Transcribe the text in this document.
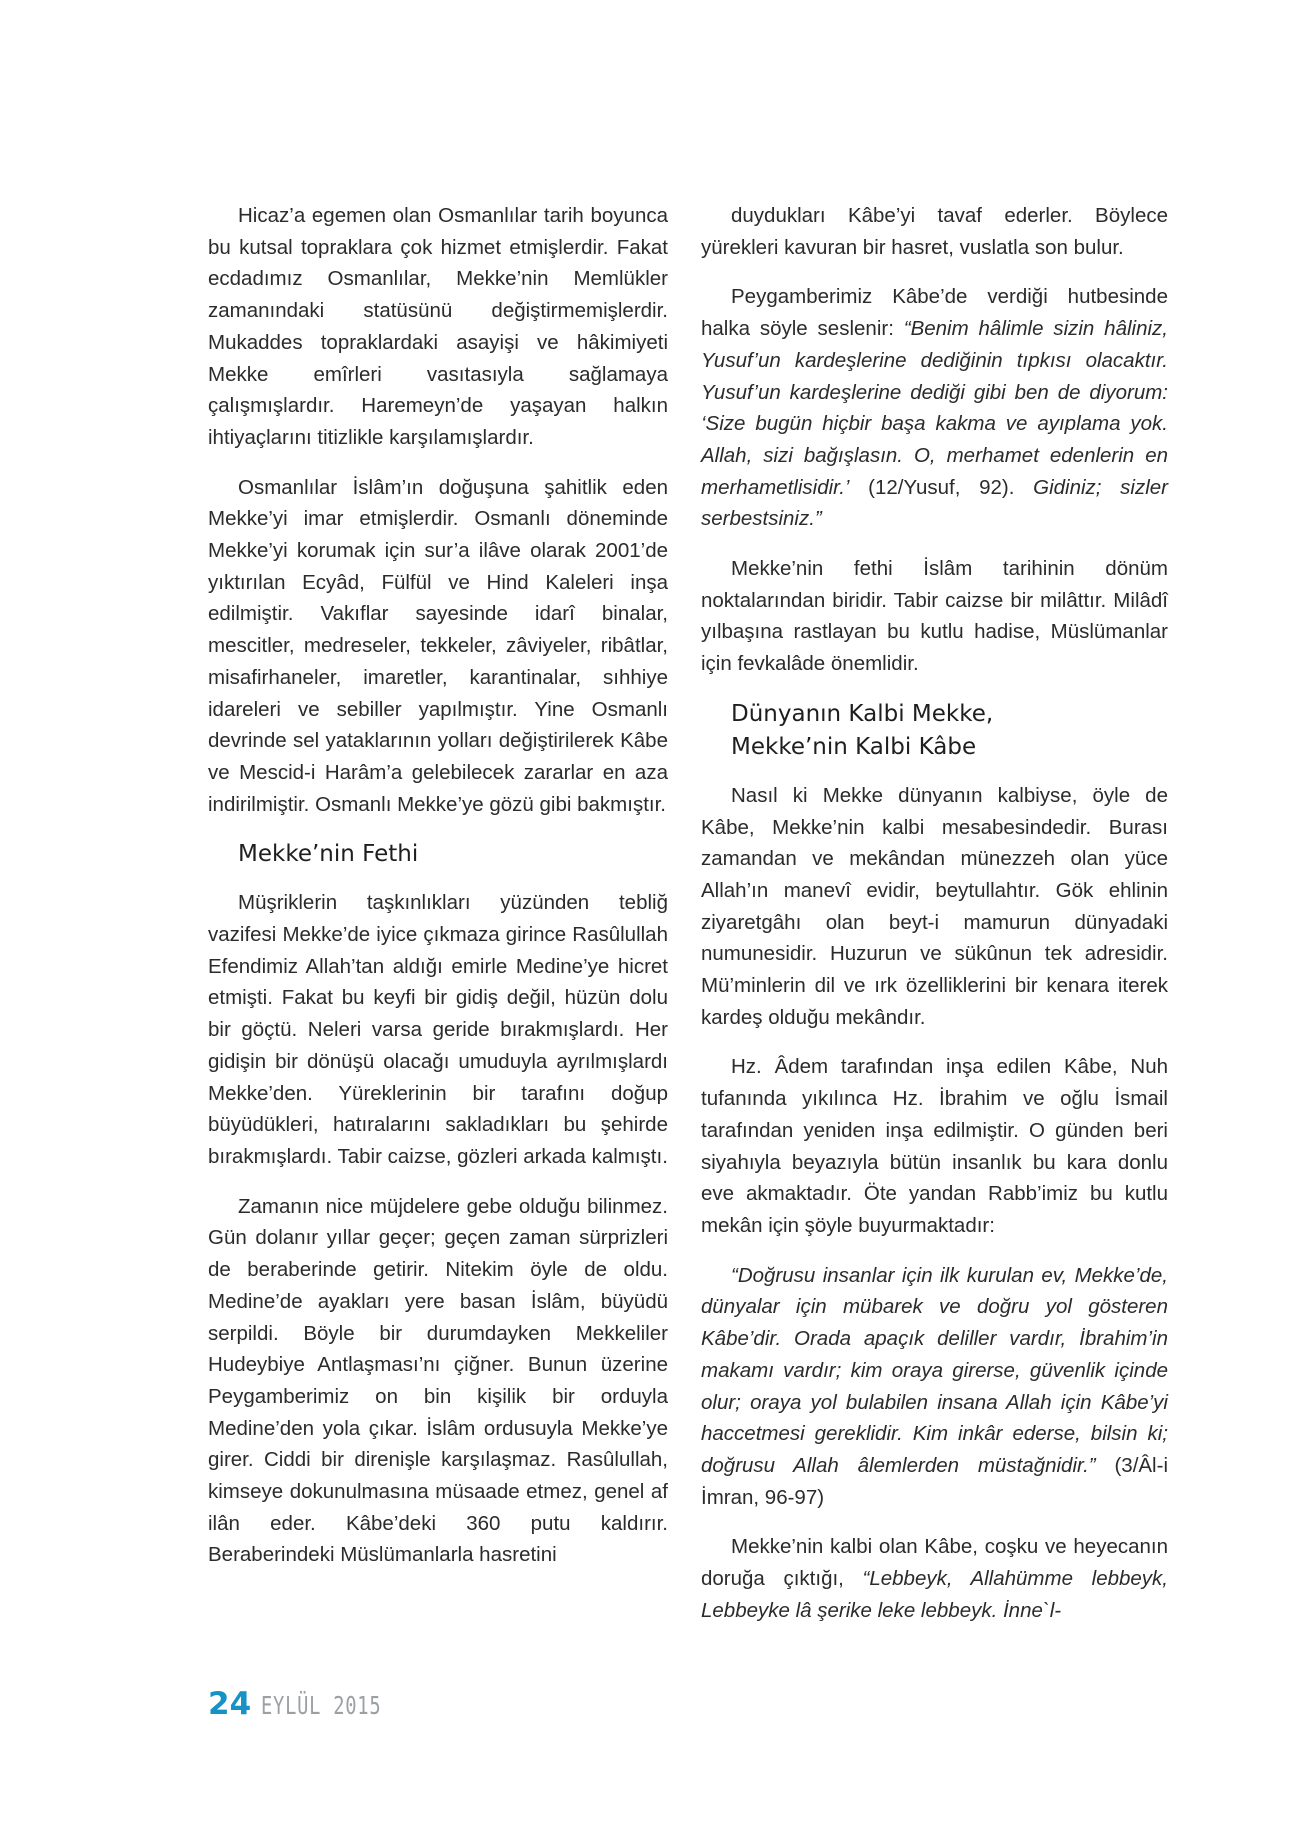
Hicaz’a egemen olan Osmanlılar tarih boyunca bu kutsal topraklara çok hizmet etmişlerdir. Fakat ecdadımız Osmanlılar, Mekke’nin Memlükler zamanındaki statüsünü değiştirmemişlerdir. Mukaddes topraklardaki asayişi ve hâkimiyeti Mekke emîrleri vasıtasıyla sağlamaya çalışmışlardır. Haremeyn’de yaşayan halkın ihtiyaçlarını titizlikle karşılamışlardır.

Osmanlılar İslâm’ın doğuşuna şahitlik eden Mekke’yi imar etmişlerdir. Osmanlı döneminde Mekke’yi korumak için sur’a ilâve olarak 2001’de yıktırılan Ecyâd, Fülfül ve Hind Kaleleri inşa edilmiştir. Vakıflar sayesinde idarî binalar, mescitler, medreseler, tekkeler, zâviyeler, ribâtlar, misafirhaneler, imaretler, karantinalar, sıhhiye idareleri ve sebiller yapılmıştır. Yine Osmanlı devrinde sel yataklarının yolları değiştirilerek Kâbe ve Mescid-i Harâm’a gelebilecek zararlar en aza indirilmiştir. Osmanlı Mekke’ye gözü gibi bakmıştır.

Mekke’nin Fethi

Müşriklerin taşkınlıkları yüzünden tebliğ vazifesi Mekke’de iyice çıkmaza girince Rasûlullah Efendimiz Allah’tan aldığı emirle Medine’ye hicret etmişti. Fakat bu keyfi bir gidiş değil, hüzün dolu bir göçtü. Neleri varsa geride bırakmışlardı. Her gidişin bir dönüşü olacağı umuduyla ayrılmışlardı Mekke’den. Yüreklerinin bir tarafını doğup büyüdükleri, hatıralarını sakladıkları bu şehirde bırakmışlardı. Tabir caizse, gözleri arkada kalmıştı.

Zamanın nice müjdelere gebe olduğu bilinmez. Gün dolanır yıllar geçer; geçen zaman sürprizleri de beraberinde getirir. Nitekim öyle de oldu. Medine’de ayakları yere basan İslâm, büyüdü serpildi. Böyle bir durumdayken Mekkeliler Hudeybiye Antlaşması’nı çiğner. Bunun üzerine Peygamberimiz on bin kişilik bir orduyla Medine’den yola çıkar. İslâm ordusuyla Mekke’ye girer. Ciddi bir direnişle karşılaşmaz. Rasûlullah, kimseye dokunulmasına müsaade etmez, genel af ilân eder. Kâbe’deki 360 putu kaldırır. Beraberindeki Müslümanlarla hasretini

duydukları Kâbe’yi tavaf ederler. Böylece yürekleri kavuran bir hasret, vuslatla son bulur.

Peygamberimiz Kâbe’de verdiği hutbesinde halka söyle seslenir: “Benim hâlimle sizin hâliniz, Yusuf’un kardeşlerine dediğinin tıpkısı olacaktır. Yusuf’un kardeşlerine dediği gibi ben de diyorum: ‘Size bugün hiçbir başa kakma ve ayıplama yok. Allah, sizi bağışlasın. O, merhamet edenlerin en merhametlisidir.’ (12/Yusuf, 92). Gidiniz; sizler serbestsiniz.”

Mekke’nin fethi İslâm tarihinin dönüm noktalarından biridir. Tabir caizse bir milâttır. Milâdî yılbaşına rastlayan bu kutlu hadise, Müslümanlar için fevkalâde önemlidir.

Dünyanın Kalbi Mekke,
Mekke’nin Kalbi Kâbe

Nasıl ki Mekke dünyanın kalbiyse, öyle de Kâbe, Mekke’nin kalbi mesabesindedir. Burası zamandan ve mekândan münezzeh olan yüce Allah’ın manevî evidir, beytullahtır. Gök ehlinin ziyaretgâhı olan beyt-i mamurun dünyadaki numunesidir. Huzurun ve sükûnun tek adresidir. Mü’minlerin dil ve ırk özelliklerini bir kenara iterek kardeş olduğu mekândır.

Hz. Âdem tarafından inşa edilen Kâbe, Nuh tufanında yıkılınca Hz. İbrahim ve oğlu İsmail tarafından yeniden inşa edilmiştir. O günden beri siyahıyla beyazıyla bütün insanlık bu kara donlu eve akmaktadır. Öte yandan Rabb’imiz bu kutlu mekân için şöyle buyurmaktadır:

“Doğrusu insanlar için ilk kurulan ev, Mekke’de, dünyalar için mübarek ve doğru yol gösteren Kâbe’dir. Orada apaçık deliller vardır, İbrahim’in makamı vardır; kim oraya girerse, güvenlik içinde olur; oraya yol bulabilen insana Allah için Kâbe’yi haccetmesi gereklidir. Kim inkâr ederse, bilsin ki; doğrusu Allah âlemlerden müstağnidir.” (3/Âl-i İmran, 96-97)

Mekke’nin kalbi olan Kâbe, coşku ve heyecanın doruğa çıktığı, “Lebbeyk, Allahümme lebbeyk, Lebbeyke lâ şerike leke lebbeyk. İnne`l-

24 EYLÜL 2015
